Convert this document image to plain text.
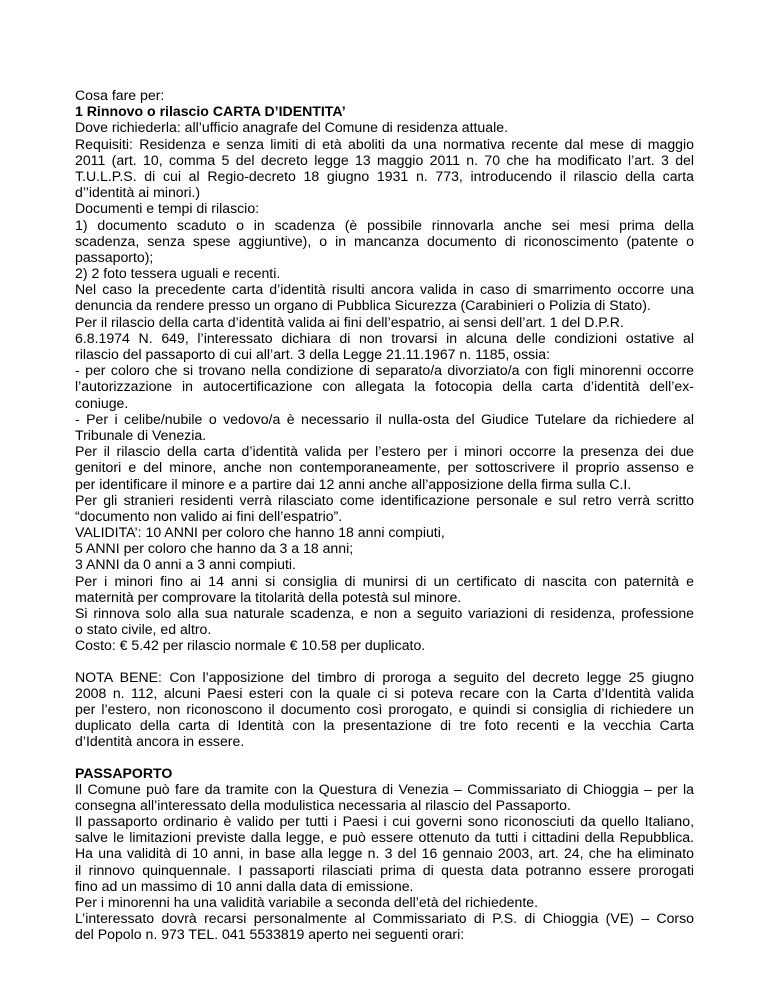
Cosa fare per:
1 Rinnovo o rilascio CARTA D’IDENTITA’
Dove richiederla: all’ufficio anagrafe del Comune di residenza attuale.
Requisiti: Residenza e senza limiti di età aboliti da una normativa recente dal mese di maggio
2011 (art. 10, comma 5 del decreto legge 13 maggio 2011 n. 70 che ha modificato l’art. 3 del
T.U.L.P.S. di cui al Regio-decreto 18 giugno 1931 n. 773, introducendo il rilascio della carta
d’’identità ai minori.)
Documenti e tempi di rilascio:
1) documento scaduto o in scadenza (è possibile rinnovarla anche sei mesi prima della
scadenza, senza spese aggiuntive), o in mancanza documento di riconoscimento (patente o
passaporto);
2) 2 foto tessera uguali e recenti.
Nel caso la precedente carta d’identità risulti ancora valida in caso di smarrimento occorre una
denuncia da rendere presso un organo di Pubblica Sicurezza (Carabinieri o Polizia di Stato).
Per il rilascio della carta d’identità valida ai fini dell’espatrio, ai sensi dell’art. 1 del D.P.R.
6.8.1974 N. 649, l’interessato dichiara di non trovarsi in alcuna delle condizioni ostative al
rilascio del passaporto di cui all’art. 3 della Legge 21.11.1967 n. 1185, ossia:
- per coloro che si trovano nella condizione di separato/a divorziato/a con figli minorenni occorre
l’autorizzazione in autocertificazione con allegata la fotocopia della carta d’identità dell’ex-
coniuge.
- Per i celibe/nubile o vedovo/a è necessario il nulla-osta del Giudice Tutelare da richiedere al
Tribunale di Venezia.
Per il rilascio della carta d’identità valida per l’estero per i minori occorre la presenza dei due
genitori e del minore, anche non contemporaneamente, per sottoscrivere il proprio assenso e
per identificare il minore e a partire dai 12 anni anche all’apposizione della firma sulla C.I.
Per gli stranieri residenti verrà rilasciato come identificazione personale e sul retro verrà scritto
“documento non valido ai fini dell’espatrio”.
VALIDITA’: 10 ANNI per coloro che hanno 18 anni compiuti,
5 ANNI per coloro che hanno da 3 a 18 anni;
3 ANNI da 0 anni a 3 anni compiuti.
Per i minori fino ai 14 anni si consiglia di munirsi di un certificato di nascita con paternità e
maternità per comprovare la titolarità della potestà sul minore.
Si rinnova solo alla sua naturale scadenza, e non a seguito variazioni di residenza, professione
o stato civile, ed altro.
Costo: € 5.42 per rilascio normale € 10.58 per duplicato.
NOTA BENE: Con l’apposizione del timbro di proroga a seguito del decreto legge 25 giugno
2008 n. 112, alcuni Paesi esteri con la quale ci si poteva recare con la Carta d’Identità valida
per l’estero, non riconoscono il documento così prorogato, e quindi si consiglia di richiedere un
duplicato della carta di Identità con la presentazione di tre foto recenti e la vecchia Carta
d’Identità ancora in essere.
PASSAPORTO
Il Comune può fare da tramite con la Questura di Venezia – Commissariato di Chioggia – per la
consegna all’interessato della modulistica necessaria al rilascio del Passaporto.
Il passaporto ordinario è valido per tutti i Paesi i cui governi sono riconosciuti da quello Italiano,
salve le limitazioni previste dalla legge, e può essere ottenuto da tutti i cittadini della Repubblica.
Ha una validità di 10 anni, in base alla legge n. 3 del 16 gennaio 2003, art. 24, che ha eliminato
il rinnovo quinquennale. I passaporti rilasciati prima di questa data potranno essere prorogati
fino ad un massimo di 10 anni dalla data di emissione.
Per i minorenni ha una validità variabile a seconda dell’età del richiedente.
L’interessato dovrà recarsi personalmente al Commissariato di P.S. di Chioggia (VE) – Corso
del Popolo n. 973 TEL. 041 5533819 aperto nei seguenti orari:
